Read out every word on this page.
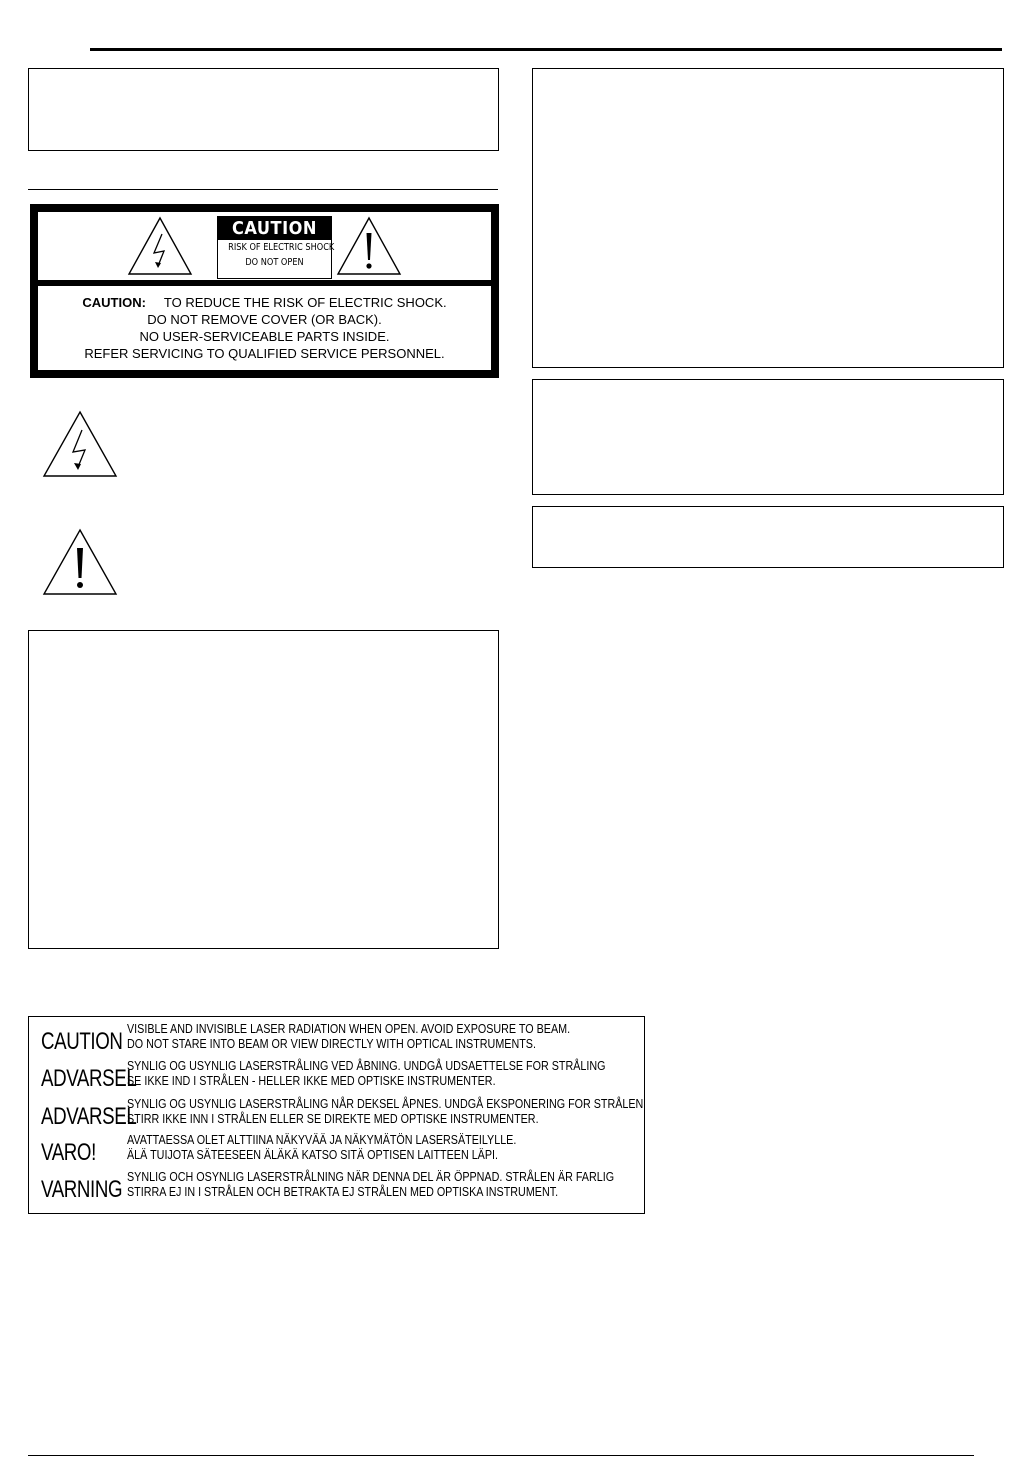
CAUTION
RISK OF ELECTRIC SHOCK
DO NOT OPEN
CAUTION: TO REDUCE THE RISK OF ELECTRIC SHOCK.
DO NOT REMOVE COVER (OR BACK).
NO USER-SERVICEABLE PARTS INSIDE.
REFER SERVICING TO QUALIFIED SERVICE PERSONNEL.
CAUTION VISIBLE AND INVISIBLE LASER RADIATION WHEN OPEN. AVOID EXPOSURE TO BEAM.
DO NOT STARE INTO BEAM OR VIEW DIRECTLY WITH OPTICAL INSTRUMENTS.
ADVARSEL
SYNLIG OG USYNLIG LASERSTRÅLING VED ÅBNING. UNDGÅ UDSAETTELSE FOR STRÅLING
SE IKKE IND I STRÅLEN - HELLER IKKE MED OPTISKE INSTRUMENTER.
ADVARSEL
SYNLIG OG USYNLIG LASERSTRÅLING NÅR DEKSEL ÅPNES. UNDGÅ EKSPONERING FOR STRÅLEN
STIRR IKKE INN I STRÅLEN ELLER SE DIREKTE MED OPTISKE INSTRUMENTER.
VARO! AVATTAESSA OLET ALTTIINA NÄKYVÄÄ JA NÄKYMÄTÖN LASERSÄTEILYLLE.
ÄLÄ TUIJOTA SÄTEESEEN ÄLÄKÄ KATSO SITÄ OPTISEN LAITTEEN LÄPI.
VARNING SYNLIG OCH OSYNLIG LASERSTRÅLNING NÄR DENNA DEL ÄR ÖPPNAD. STRÅLEN ÄR FARLIG
STIRRA EJ IN I STRÅLEN OCH BETRAKTA EJ STRÅLEN MED OPTISKA INSTRUMENT.
